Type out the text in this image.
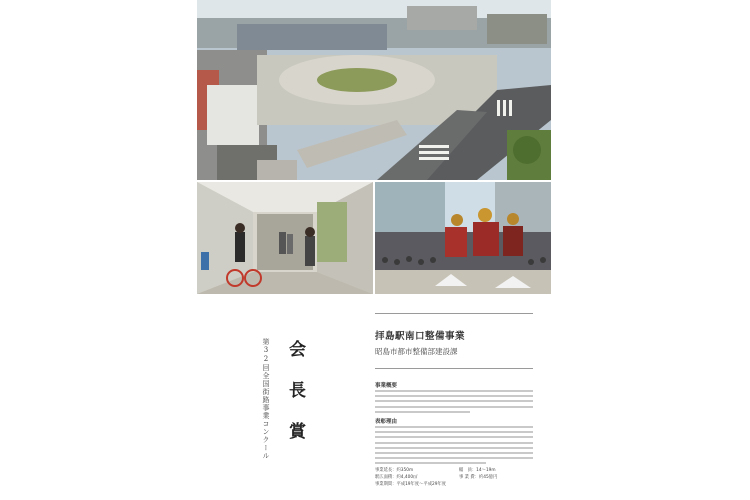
会長賞
第32回全国街路事業コンクール
拝島駅南口整備事業
昭島市都市整備部建設課
事業概要
表彰理由
事業延長：約350m	幅　員：14〜19m
駅広面積：約4,400㎡	事 業 費：約45億円
事業期間：平成19年度〜平成29年度
